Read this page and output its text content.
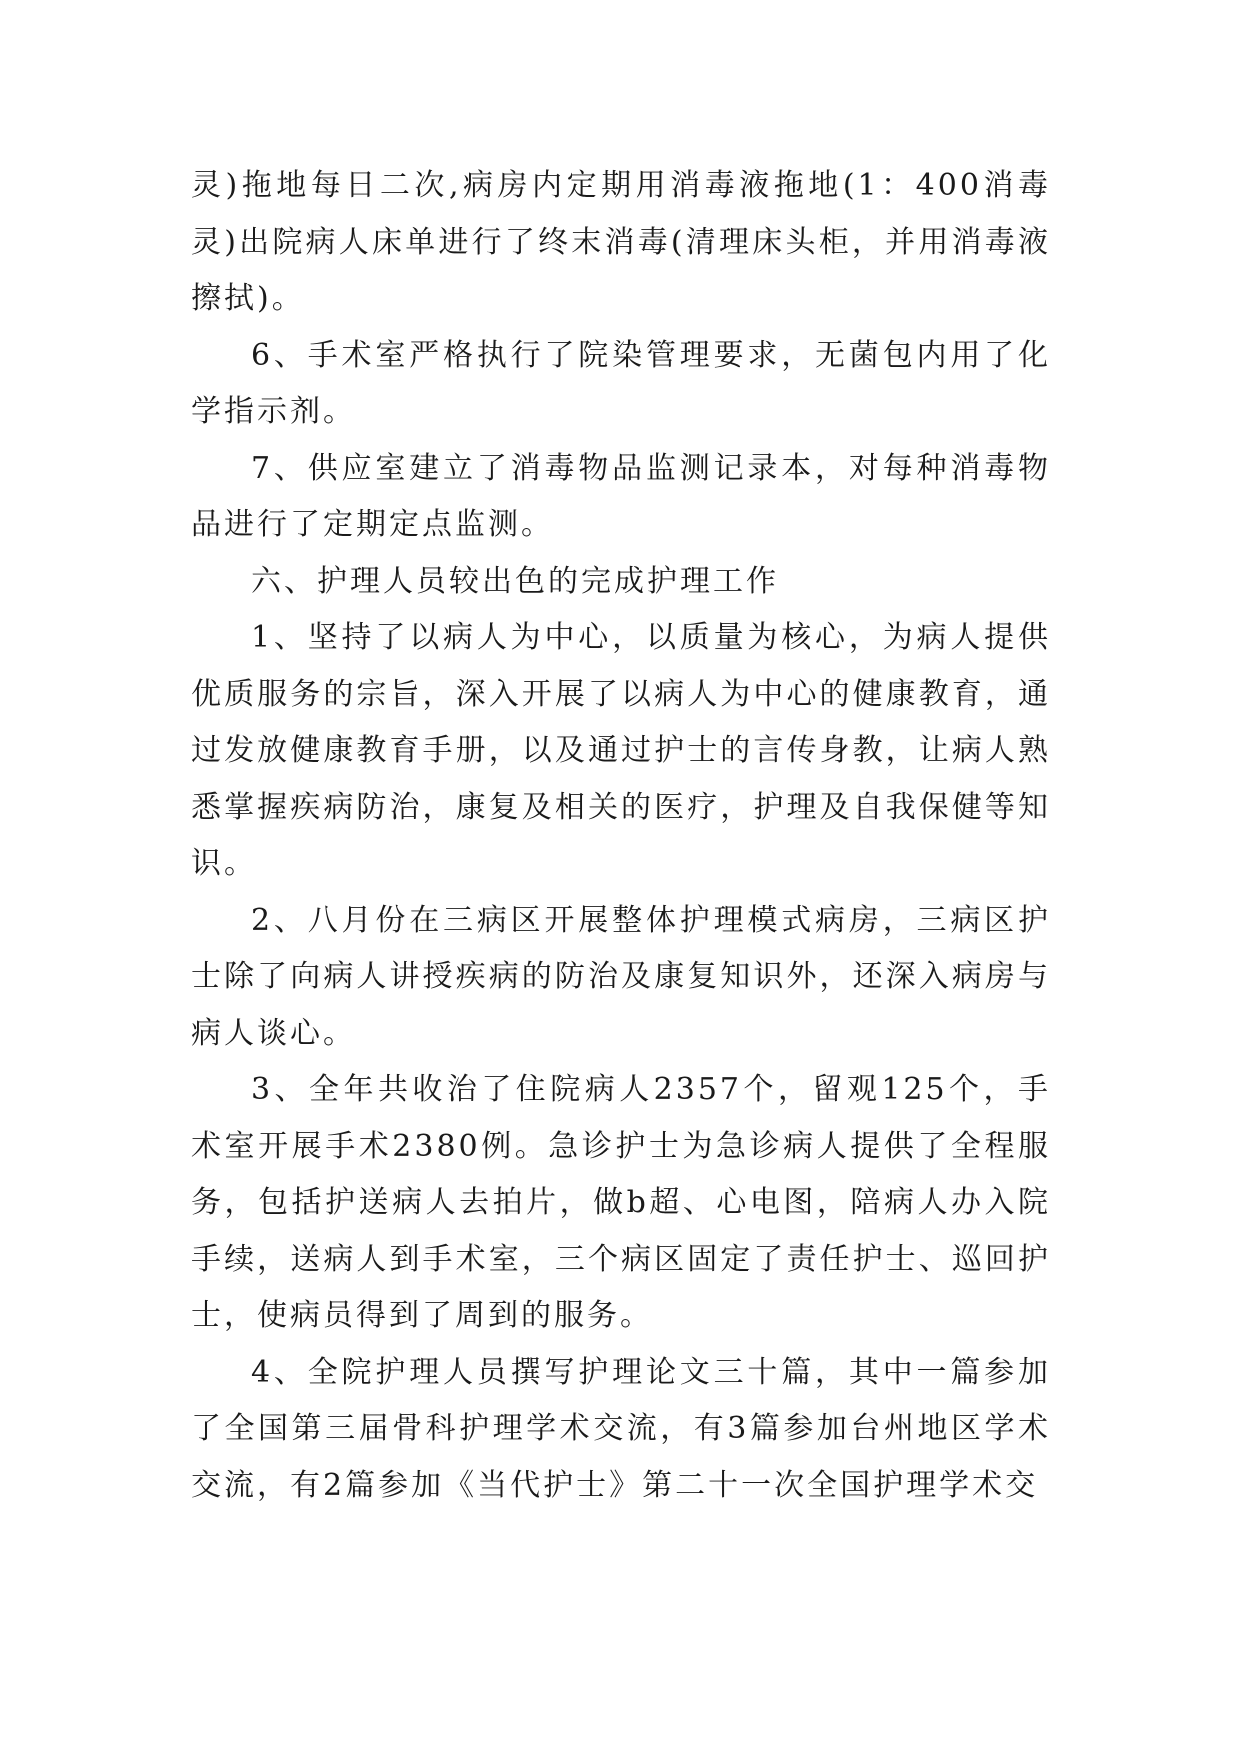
灵)拖地每日二次,病房内定期用消毒液拖地(1：400消毒灵)出院病人床单进行了终末消毒(清理床头柜，并用消毒液擦拭)。

6、手术室严格执行了院染管理要求，无菌包内用了化学指示剂。

7、供应室建立了消毒物品监测记录本，对每种消毒物品进行了定期定点监测。

六、护理人员较出色的完成护理工作

1、坚持了以病人为中心，以质量为核心，为病人提供优质服务的宗旨，深入开展了以病人为中心的健康教育，通过发放健康教育手册，以及通过护士的言传身教，让病人熟悉掌握疾病防治，康复及相关的医疗，护理及自我保健等知识。

2、八月份在三病区开展整体护理模式病房，三病区护士除了向病人讲授疾病的防治及康复知识外，还深入病房与病人谈心。

3、全年共收治了住院病人2357个，留观125个，手术室开展手术2380例。急诊护士为急诊病人提供了全程服务，包括护送病人去拍片，做b超、心电图，陪病人办入院手续，送病人到手术室，三个病区固定了责任护士、巡回护士，使病员得到了周到的服务。

4、全院护理人员撰写护理论文三十篇，其中一篇参加了全国第三届骨科护理学术交流，有3篇参加台州地区学术交流，有2篇参加《当代护士》第二十一次全国护理学术交
